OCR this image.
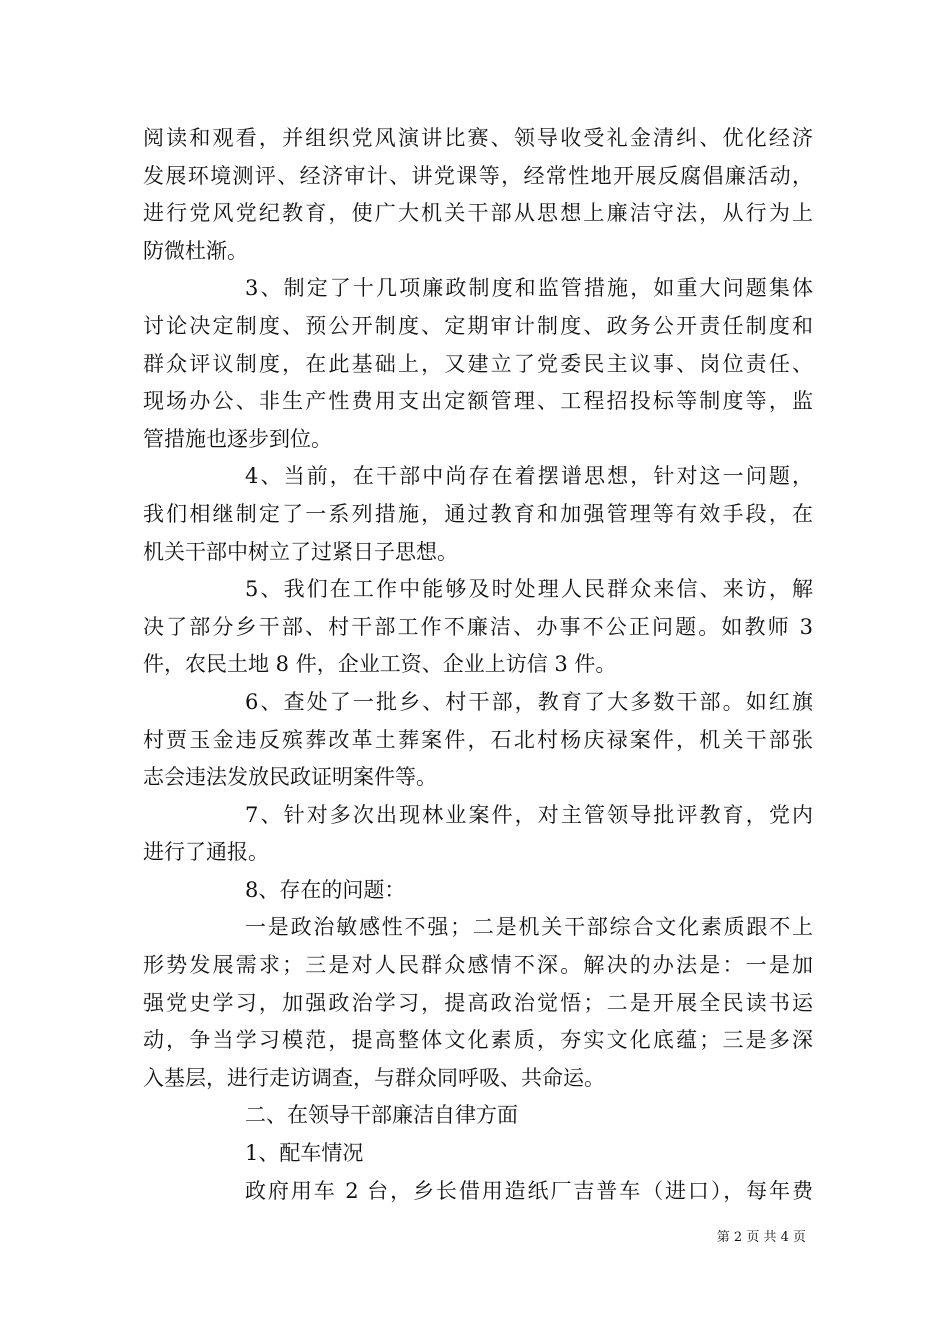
阅读和观看，并组织党风演讲比赛、领导收受礼金清纠、优化经济
发展环境测评、经济审计、讲党课等，经常性地开展反腐倡廉活动，
进行党风党纪教育，使广大机关干部从思想上廉洁守法，从行为上
防微杜渐。
3、制定了十几项廉政制度和监管措施，如重大问题集体
讨论决定制度、预公开制度、定期审计制度、政务公开责任制度和
群众评议制度，在此基础上，又建立了党委民主议事、岗位责任、
现场办公、非生产性费用支出定额管理、工程招投标等制度等，监
管措施也逐步到位。
4、当前，在干部中尚存在着摆谱思想，针对这一问题，
我们相继制定了一系列措施，通过教育和加强管理等有效手段，在
机关干部中树立了过紧日子思想。
5、我们在工作中能够及时处理人民群众来信、来访，解
决了部分乡干部、村干部工作不廉洁、办事不公正问题。如教师 3
件，农民土地 8 件，企业工资、企业上访信 3 件。
6、查处了一批乡、村干部，教育了大多数干部。如红旗
村贾玉金违反殡葬改革土葬案件，石北村杨庆禄案件，机关干部张
志会违法发放民政证明案件等。
7、针对多次出现林业案件，对主管领导批评教育，党内
进行了通报。
8、存在的问题：
一是政治敏感性不强；二是机关干部综合文化素质跟不上
形势发展需求；三是对人民群众感情不深。解决的办法是：一是加
强党史学习，加强政治学习，提高政治觉悟；二是开展全民读书运
动，争当学习模范，提高整体文化素质，夯实文化底蕴；三是多深
入基层，进行走访调查，与群众同呼吸、共命运。
二、在领导干部廉洁自律方面
1、配车情况
政府用车 2 台，乡长借用造纸厂吉普车（进口），每年费
第 2 页 共 4 页
